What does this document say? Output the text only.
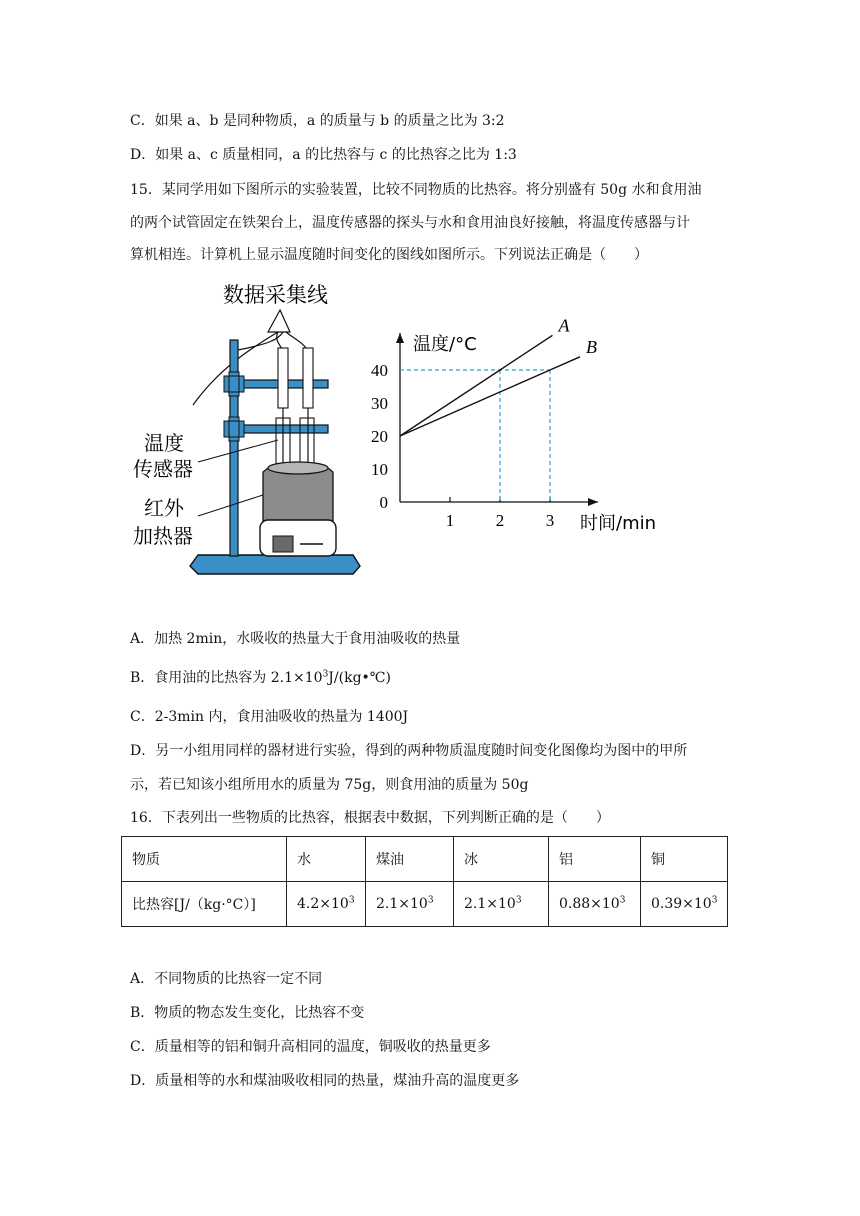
C．如果 a、b 是同种物质，a 的质量与 b 的质量之比为 3:2
D．如果 a、c 质量相同，a 的比热容与 c 的比热容之比为 1:3
15．某同学用如下图所示的实验装置，比较不同物质的比热容。将分别盛有 50g 水和食用油
的两个试管固定在铁架台上，温度传感器的探头与水和食用油良好接触，将温度传感器与计
算机相连。计算机上显示温度随时间变化的图线如图所示。下列说法正确是（　　）
数据采集线
温度
传感器
红外
加热器
温度/°C
时间/min
0
10
20
30
40
1 2 3
A
B
A．加热 2min，水吸收的热量大于食用油吸收的热量
B．食用油的比热容为 $2.1\times 10^3J/(kg•℃)$
C．2-3min 内，食用油吸收的热量为 1400J
D．另一小组用同样的器材进行实验，得到的两种物质温度随时间变化图像均为图中的甲所
示，若已知该小组所用水的质量为 75g，则食用油的质量为 50g
16．下表列出一些物质的比热容，根据表中数据，下列判断正确的是（　　）
物质	水	煤油	冰	铝	铜
比热容[J/（kg·°C）]	$4.2\times 10^3$	$2.1\times 10^3$	$2.1\times 10^3$	$0.88\times 10^3$	$0.39\times 10^3$
A．不同物质的比热容一定不同
B．物质的物态发生变化，比热容不变
C．质量相等的铝和铜升高相同的温度，铜吸收的热量更多
D．质量相等的水和煤油吸收相同的热量，煤油升高的温度更多
